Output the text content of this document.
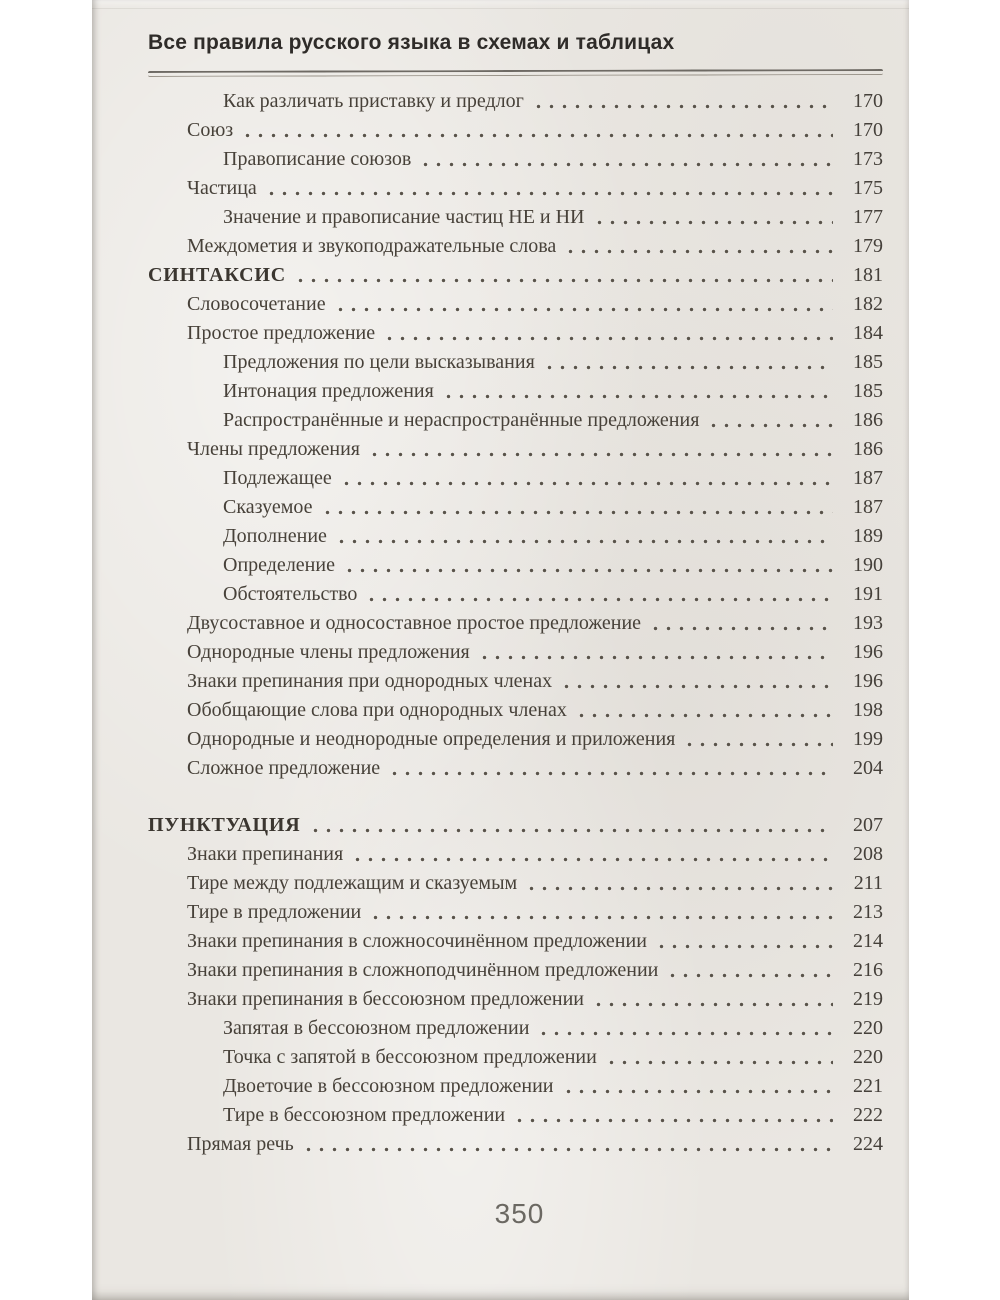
Все правила русского языка в схемах и таблицах
Как различать приставку и предлог	170
Союз	170
Правописание союзов	173
Частица	175
Значение и правописание частиц НЕ и НИ	177
Междометия и звукоподражательные слова	179
СИНТАКСИС	181
Словосочетание	182
Простое предложение	184
Предложения по цели высказывания	185
Интонация предложения	185
Распространённые и нераспространённые предложения	186
Члены предложения	186
Подлежащее	187
Сказуемое	187
Дополнение	189
Определение	190
Обстоятельство	191
Двусоставное и односоставное простое предложение	193
Однородные члены предложения	196
Знаки препинания при однородных членах	196
Обобщающие слова при однородных членах	198
Однородные и неоднородные определения и приложения	199
Сложное предложение	204
ПУНКТУАЦИЯ	207
Знаки препинания	208
Тире между подлежащим и сказуемым	211
Тире в предложении	213
Знаки препинания в сложносочинённом предложении	214
Знаки препинания в сложноподчинённом предложении	216
Знаки препинания в бессоюзном предложении	219
Запятая в бессоюзном предложении	220
Точка с запятой в бессоюзном предложении	220
Двоеточие в бессоюзном предложении	221
Тире в бессоюзном предложении	222
Прямая речь	224
350
